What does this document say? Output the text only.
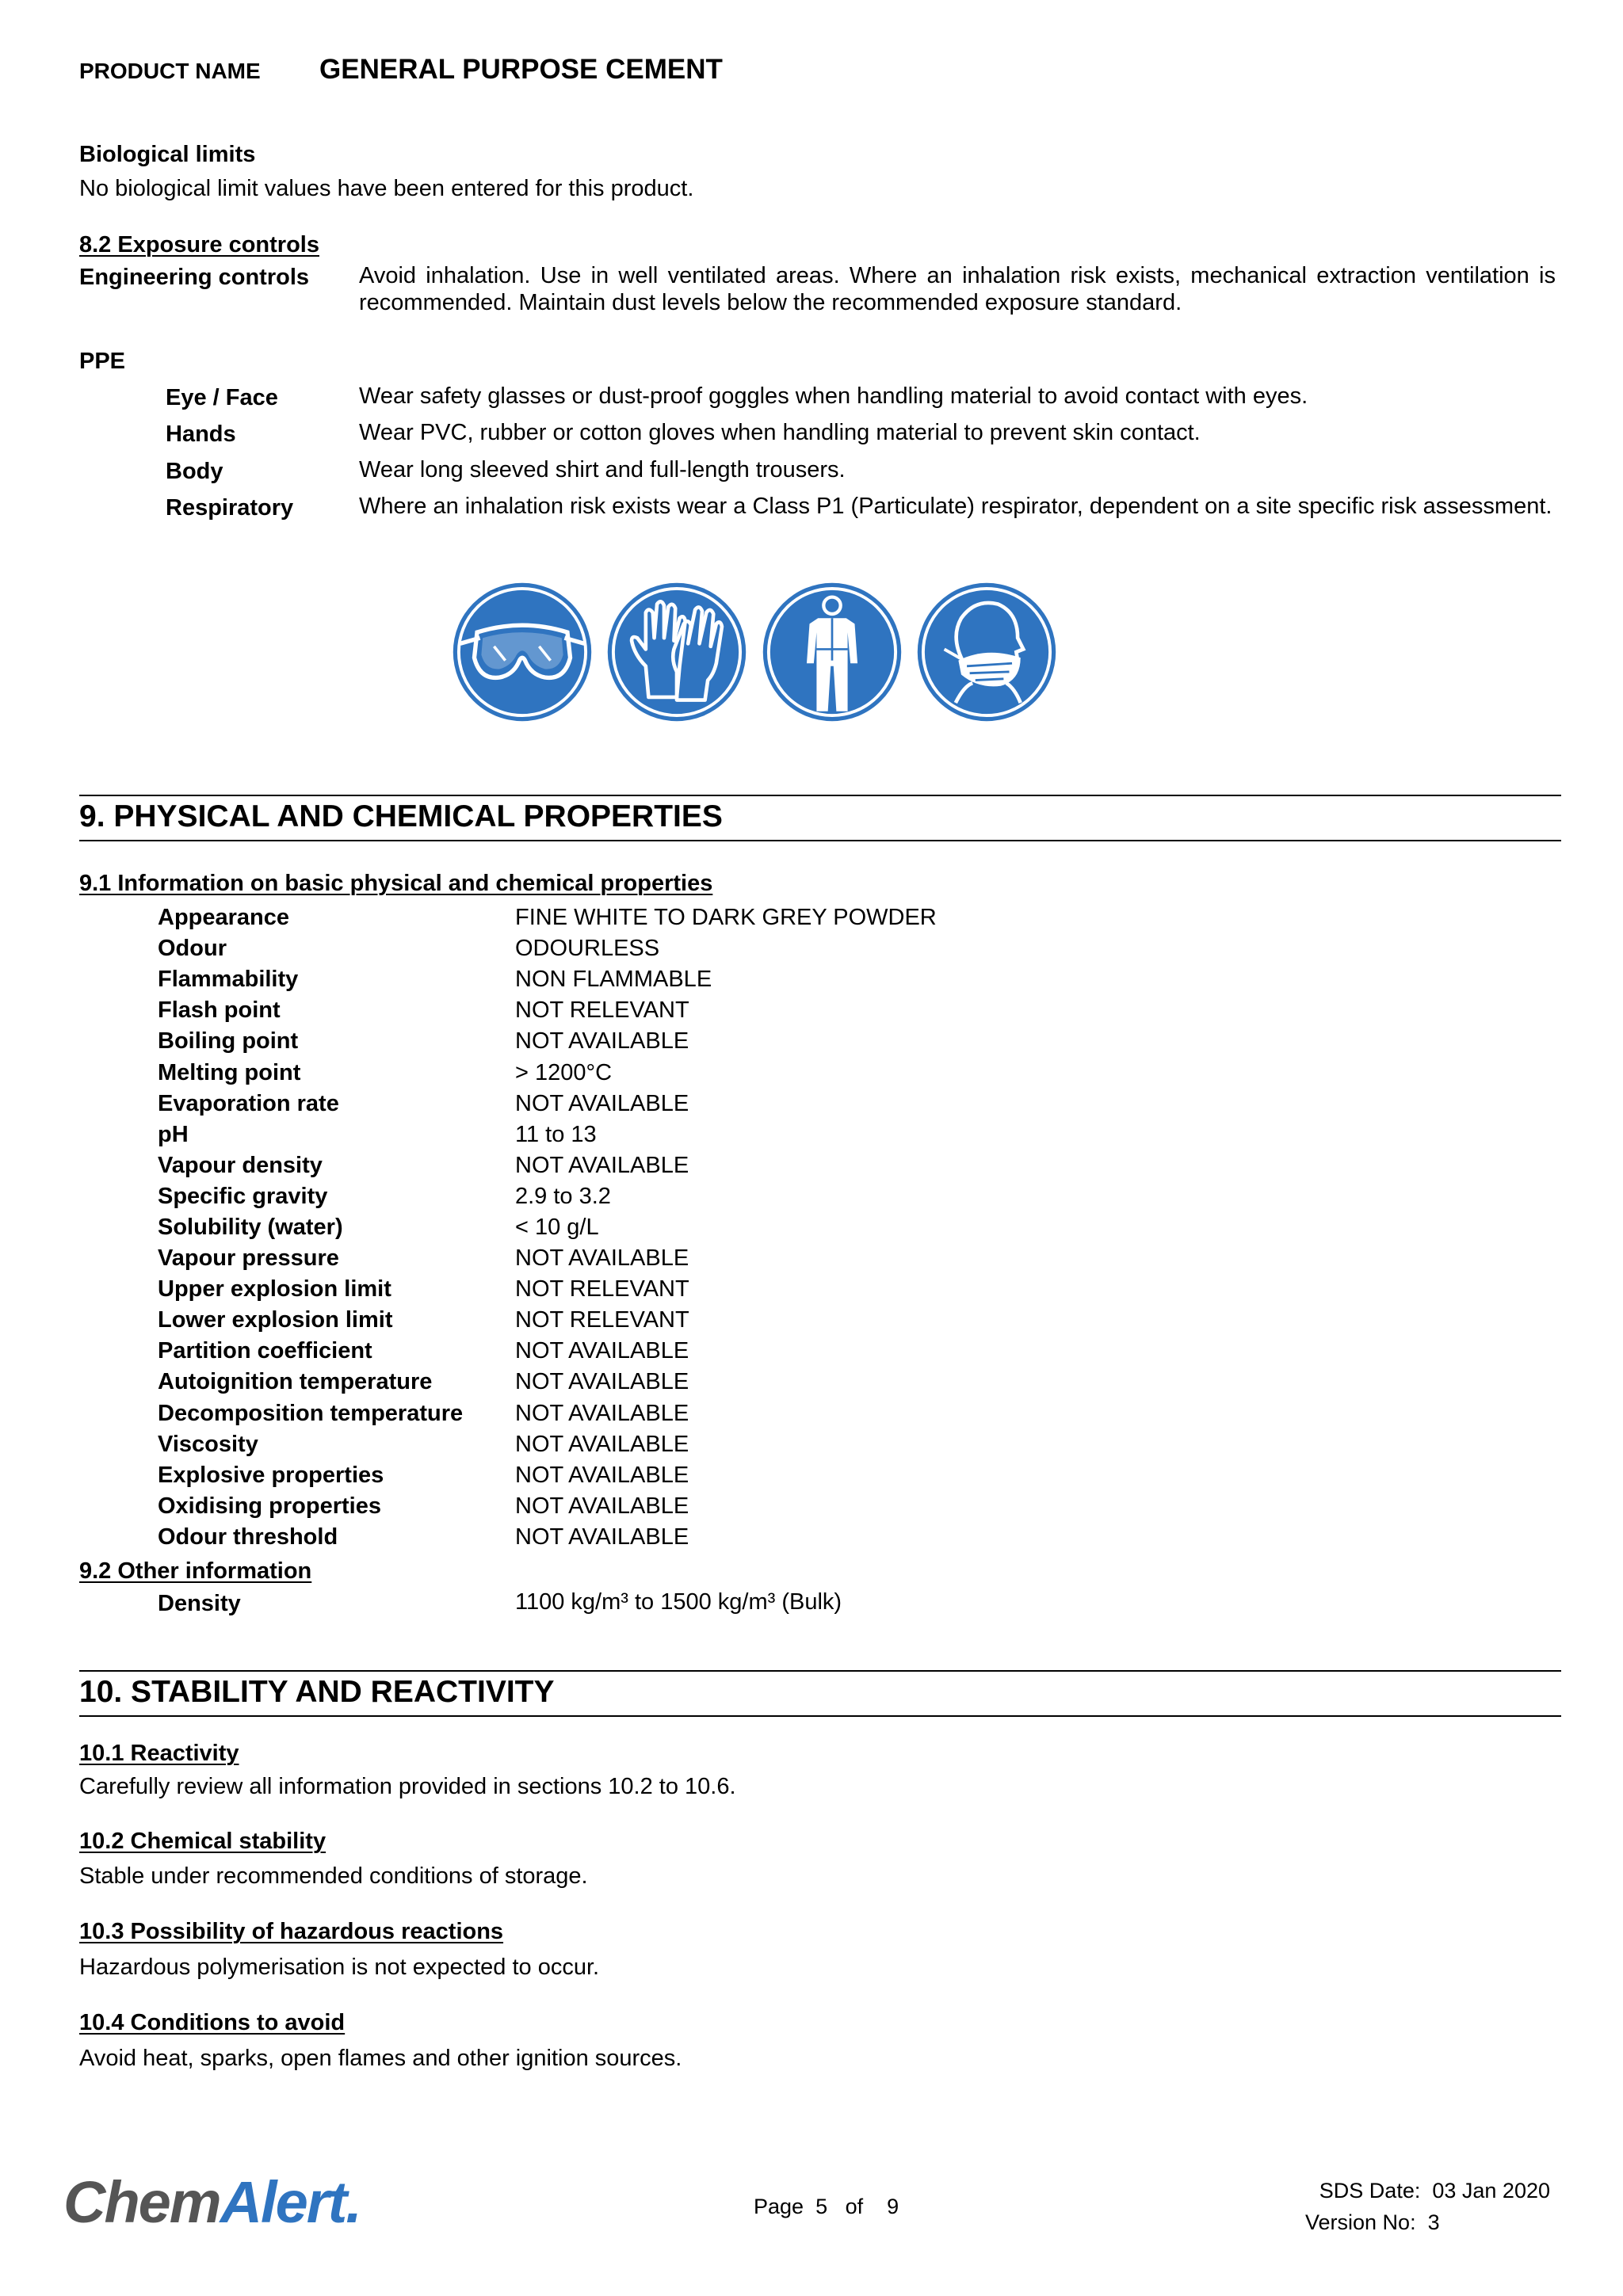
PRODUCT NAME GENERAL PURPOSE CEMENT
Biological limits
No biological limit values have been entered for this product.
8.2 Exposure controls
Engineering controls Avoid inhalation. Use in well ventilated areas. Where an inhalation risk exists, mechanical extraction ventilation is recommended. Maintain dust levels below the recommended exposure standard.
PPE
Eye / Face	Wear safety glasses or dust-proof goggles when handling material to avoid contact with eyes.
Hands	Wear PVC, rubber or cotton gloves when handling material to prevent skin contact.
Body	Wear long sleeved shirt and full-length trousers.
Respiratory	Where an inhalation risk exists wear a Class P1 (Particulate) respirator, dependent on a site specific risk assessment.
9. PHYSICAL AND CHEMICAL PROPERTIES
9.1 Information on basic physical and chemical properties
Appearance	FINE WHITE TO DARK GREY POWDER
Odour	ODOURLESS
Flammability	NON FLAMMABLE
Flash point	NOT RELEVANT
Boiling point	NOT AVAILABLE
Melting point	> 1200°C
Evaporation rate	NOT AVAILABLE
pH	11 to 13
Vapour density	NOT AVAILABLE
Specific gravity	2.9 to 3.2
Solubility (water)	< 10 g/L
Vapour pressure	NOT AVAILABLE
Upper explosion limit	NOT RELEVANT
Lower explosion limit	NOT RELEVANT
Partition coefficient	NOT AVAILABLE
Autoignition temperature	NOT AVAILABLE
Decomposition temperature	NOT AVAILABLE
Viscosity	NOT AVAILABLE
Explosive properties	NOT AVAILABLE
Oxidising properties	NOT AVAILABLE
Odour threshold	NOT AVAILABLE
9.2 Other information
Density	1100 kg/m³ to 1500 kg/m³ (Bulk)
10. STABILITY AND REACTIVITY
10.1 Reactivity
Carefully review all information provided in sections 10.2 to 10.6.
10.2 Chemical stability
Stable under recommended conditions of storage.
10.3 Possibility of hazardous reactions
Hazardous polymerisation is not expected to occur.
10.4 Conditions to avoid
Avoid heat, sparks, open flames and other ignition sources.
ChemAlert.	Page 5 of 9
SDS Date: 03 Jan 2020
Version No: 3
